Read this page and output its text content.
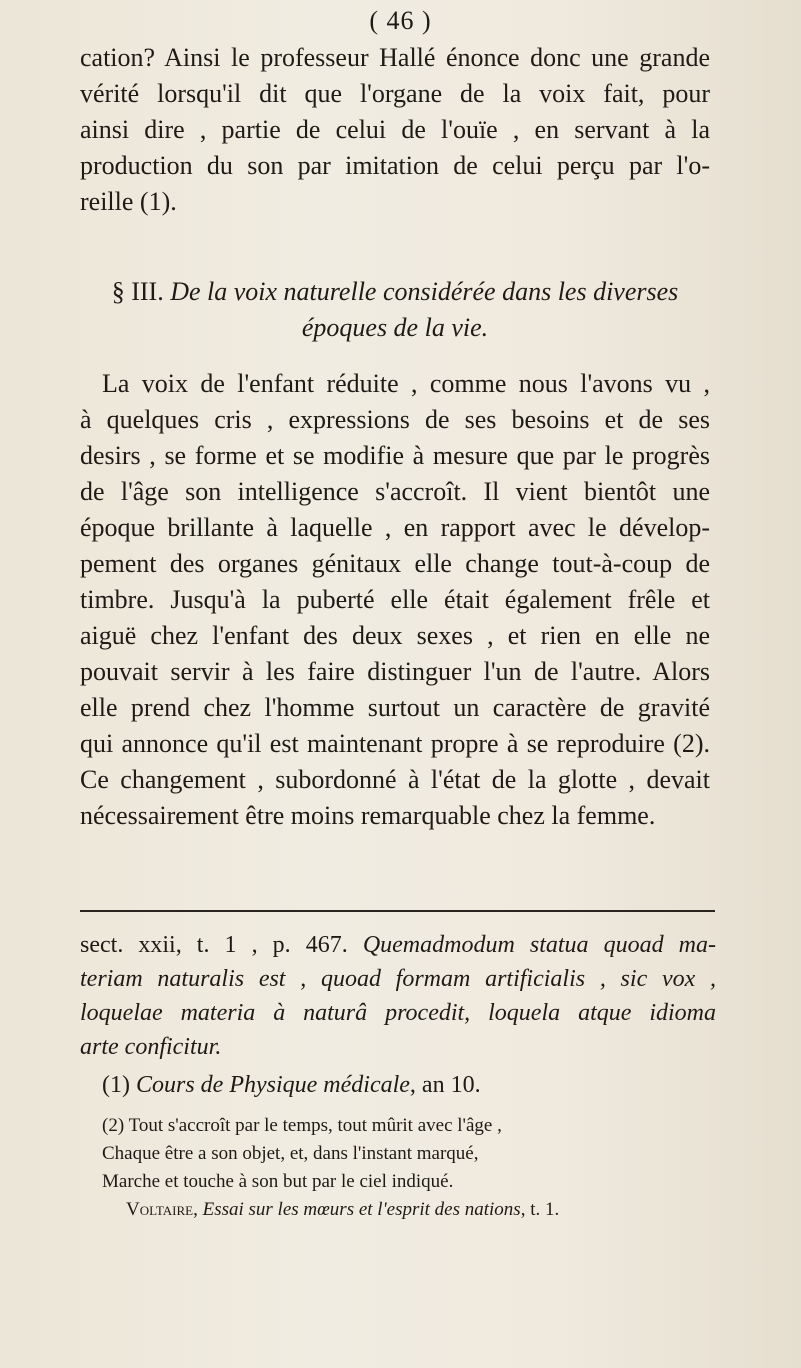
( 46 )
cation? Ainsi le professeur Hallé énonce donc une grande
vérité lorsqu'il dit que l'organe de la voix fait, pour
ainsi dire , partie de celui de l'ouïe , en servant à la
production du son par imitation de celui perçu par l'o-
reille (1).
§ III. De la voix naturelle considérée dans les diverses
époques de la vie.
La voix de l'enfant réduite , comme nous l'avons vu ,
à quelques cris , expressions de ses besoins et de ses
desirs , se forme et se modifie à mesure que par le progrès
de l'âge son intelligence s'accroît. Il vient bientôt une
époque brillante à laquelle , en rapport avec le dévelop-
pement des organes génitaux elle change tout-à-coup de
timbre. Jusqu'à la puberté elle était également frêle et
aiguë chez l'enfant des deux sexes , et rien en elle ne
pouvait servir à les faire distinguer l'un de l'autre. Alors
elle prend chez l'homme surtout un caractère de gravité
qui annonce qu'il est maintenant propre à se reproduire (2).
Ce changement , subordonné à l'état de la glotte , devait
nécessairement être moins remarquable chez la femme.
sect. xxii, t. 1 , p. 467. Quemadmodum statua quoad ma-
teriam naturalis est , quoad formam artificialis , sic vox ,
loquelae materia à naturâ procedit, loquela atque idioma
arte conficitur.
(1) Cours de Physique médicale, an 10.
(2) Tout s'accroît par le temps, tout mûrit avec l'âge ,
Chaque être a son objet, et, dans l'instant marqué,
Marche et touche à son but par le ciel indiqué.
Voltaire, Essai sur les mœurs et l'esprit des nations, t. 1.
